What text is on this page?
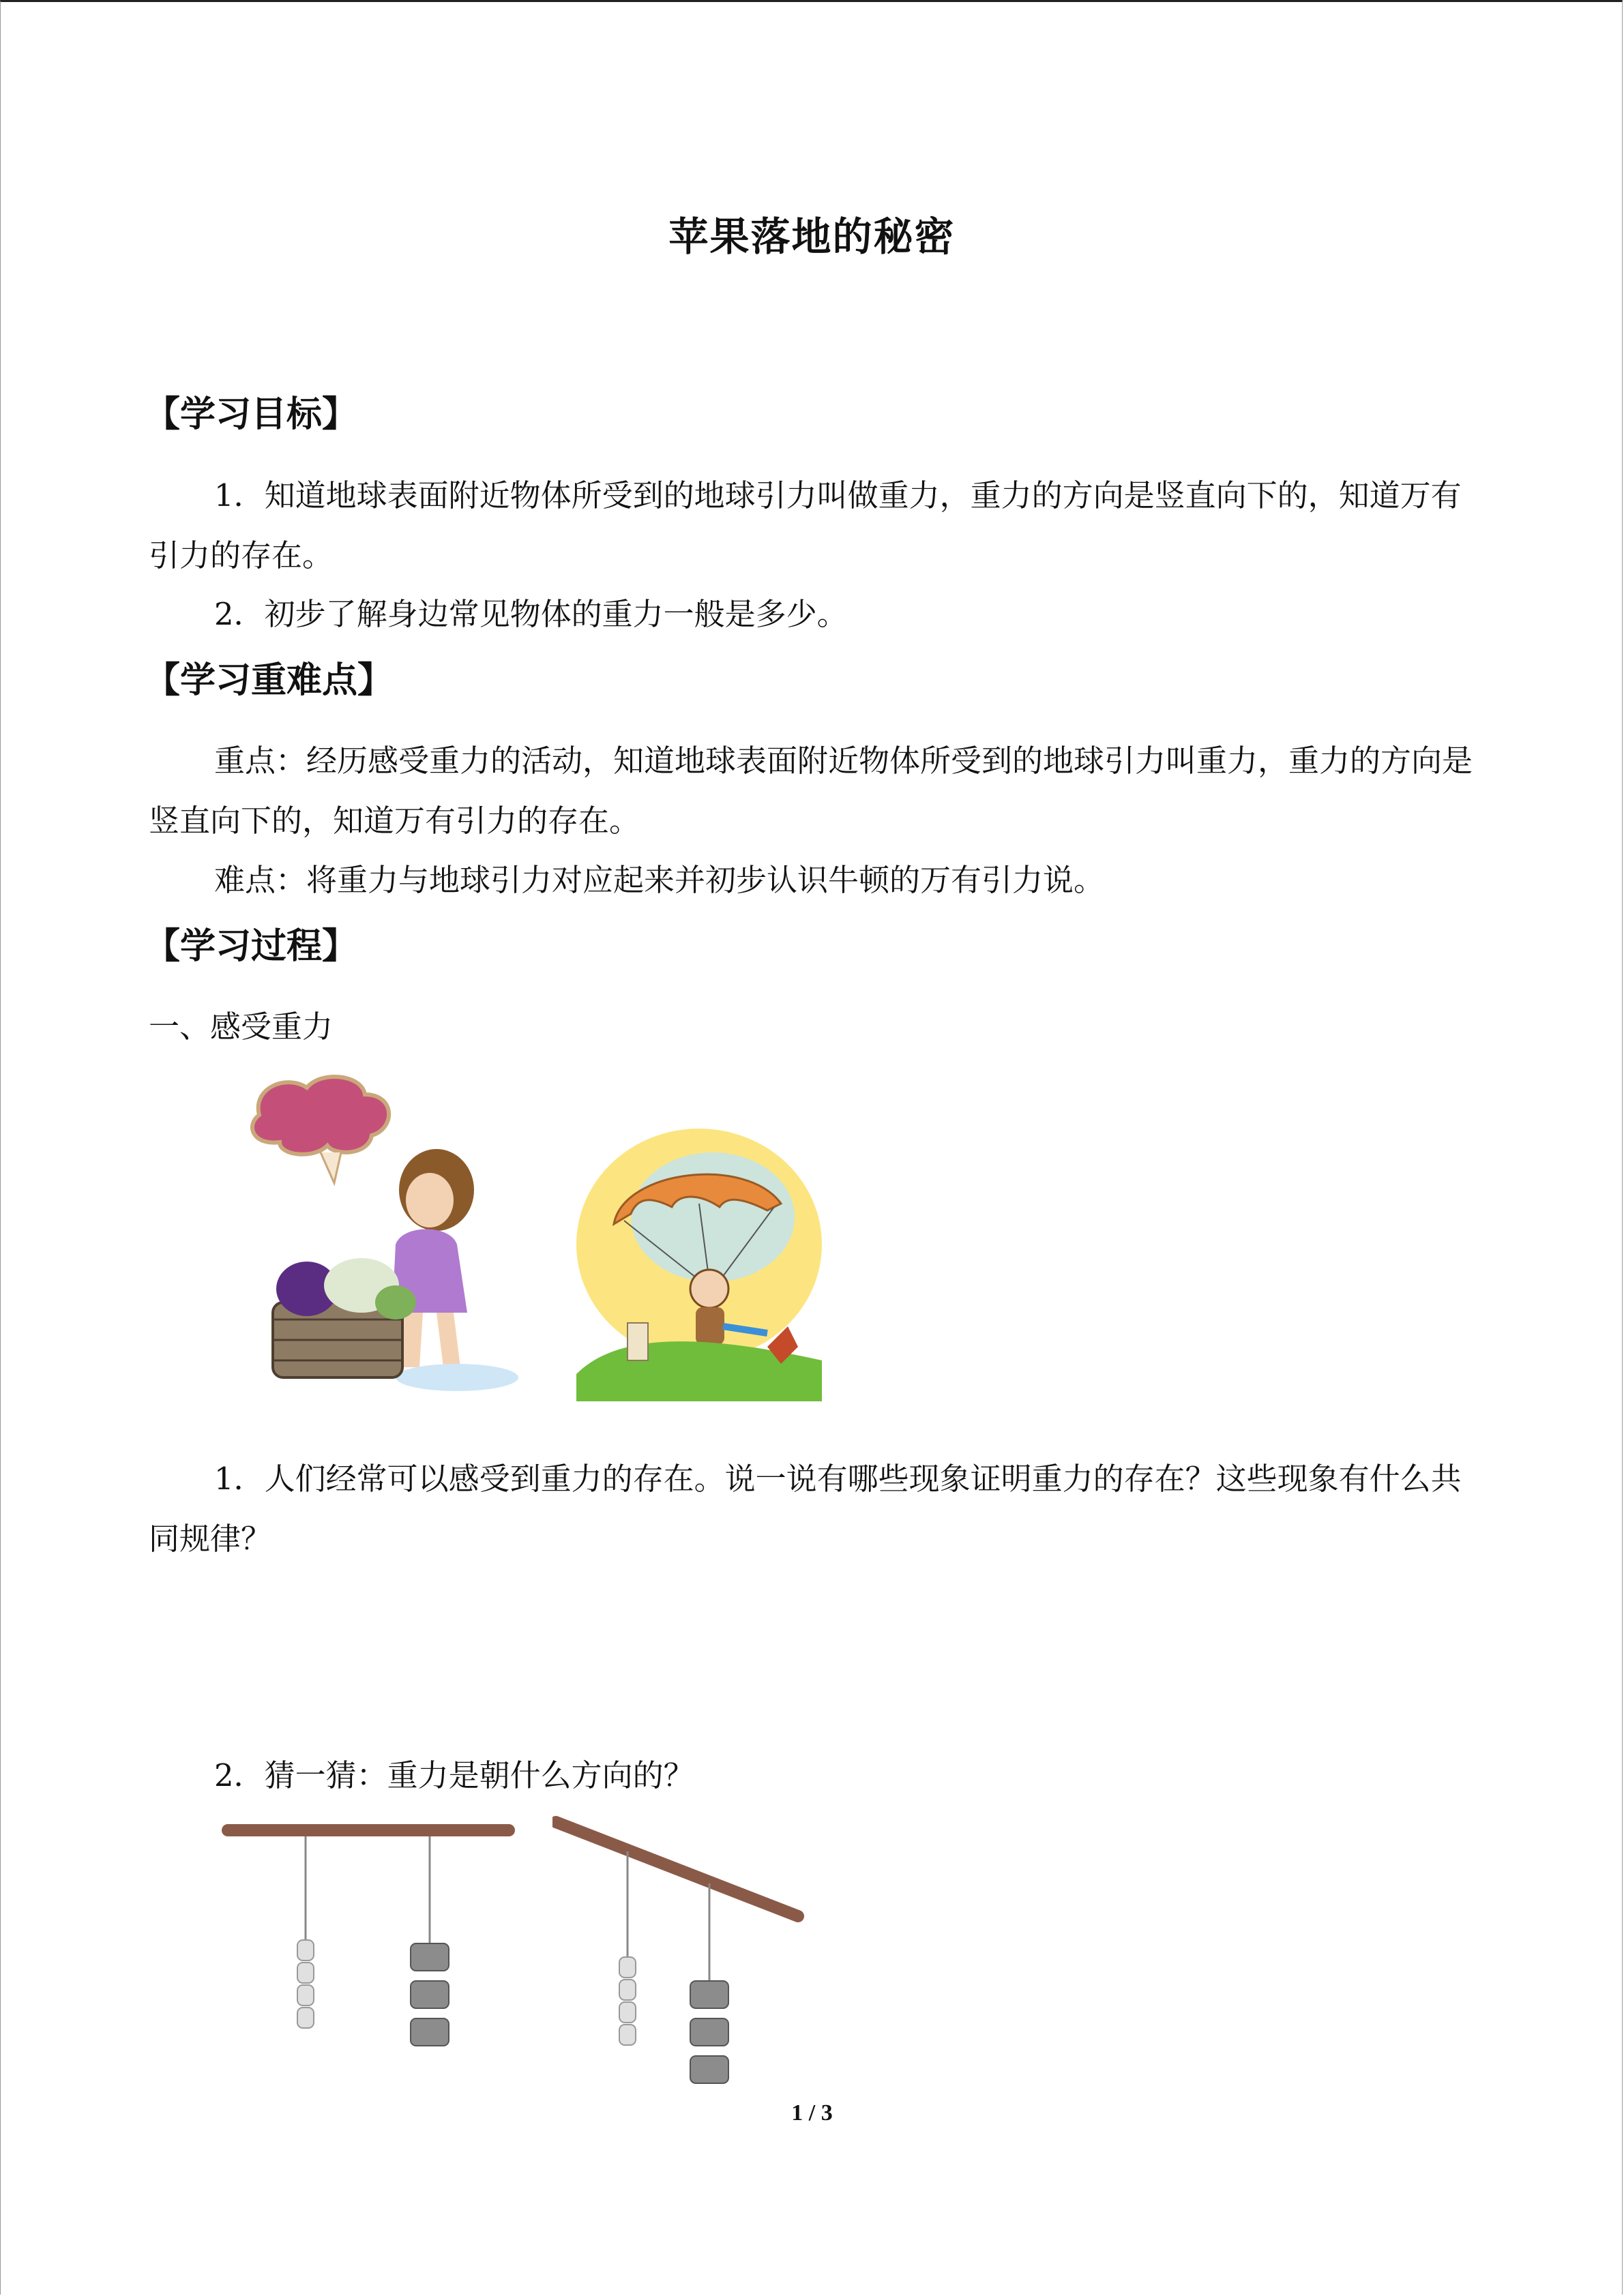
苹果落地的秘密
【学习目标】
1．知道地球表面附近物体所受到的地球引力叫做重力，重力的方向是竖直向下的，知道万有引力的存在。
2．初步了解身边常见物体的重力一般是多少。
【学习重难点】
重点：经历感受重力的活动，知道地球表面附近物体所受到的地球引力叫重力，重力的方向是竖直向下的，知道万有引力的存在。
难点：将重力与地球引力对应起来并初步认识牛顿的万有引力说。
【学习过程】
一、感受重力
1．人们经常可以感受到重力的存在。说一说有哪些现象证明重力的存在？这些现象有什么共同规律？
2．猜一猜：重力是朝什么方向的？
1 / 3
